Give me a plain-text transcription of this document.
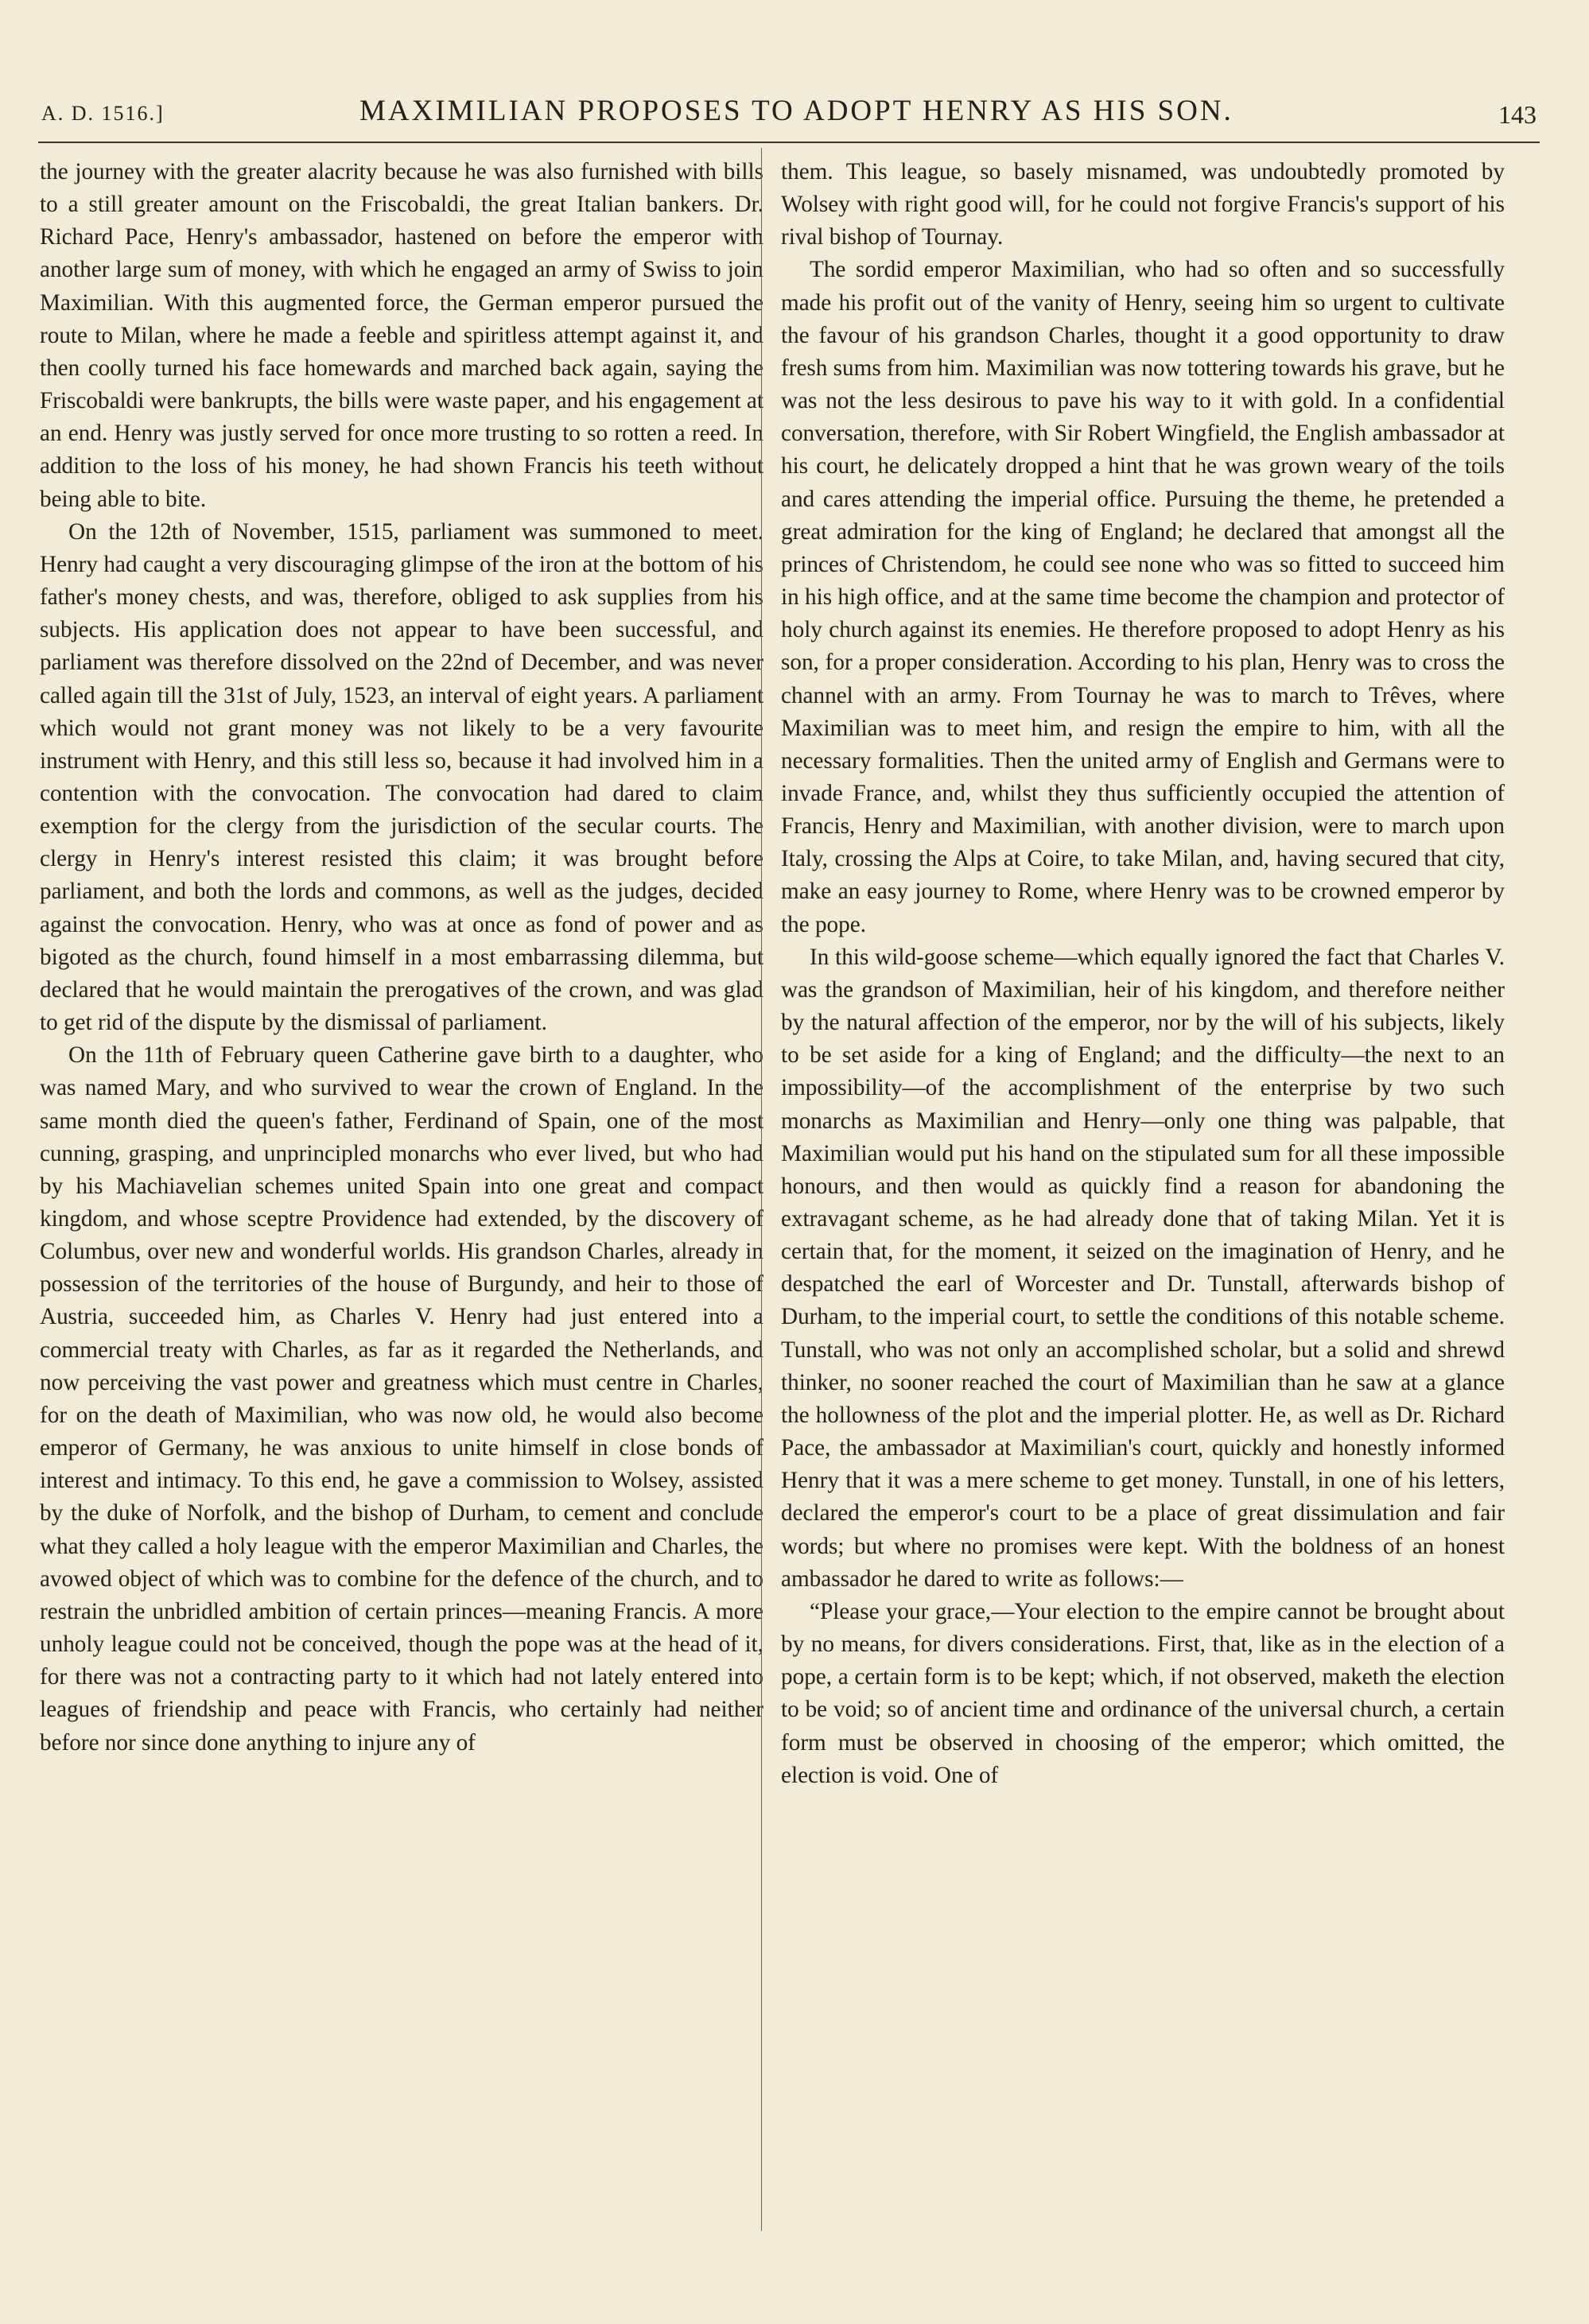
A. D. 1516.]	MAXIMILIAN PROPOSES TO ADOPT HENRY AS HIS SON.	143

the journey with the greater alacrity because he was also furnished with bills to a still greater amount on the Friscobaldi, the great Italian bankers. Dr. Richard Pace, Henry's ambassador, hastened on before the emperor with another large sum of money, with which he engaged an army of Swiss to join Maximilian. With this augmented force, the German emperor pursued the route to Milan, where he made a feeble and spiritless attempt against it, and then coolly turned his face homewards and marched back again, saying the Friscobaldi were bankrupts, the bills were waste paper, and his engagement at an end. Henry was justly served for once more trusting to so rotten a reed. In addition to the loss of his money, he had shown Francis his teeth without being able to bite.

On the 12th of November, 1515, parliament was summoned to meet. Henry had caught a very discouraging glimpse of the iron at the bottom of his father's money chests, and was, therefore, obliged to ask supplies from his subjects. His application does not appear to have been successful, and parliament was therefore dissolved on the 22nd of December, and was never called again till the 31st of July, 1523, an interval of eight years. A parliament which would not grant money was not likely to be a very favourite instrument with Henry, and this still less so, because it had involved him in a contention with the convocation. The convocation had dared to claim exemption for the clergy from the jurisdiction of the secular courts. The clergy in Henry's interest resisted this claim; it was brought before parliament, and both the lords and commons, as well as the judges, decided against the convocation. Henry, who was at once as fond of power and as bigoted as the church, found himself in a most embarrassing dilemma, but declared that he would maintain the prerogatives of the crown, and was glad to get rid of the dispute by the dismissal of parliament.

On the 11th of February queen Catherine gave birth to a daughter, who was named Mary, and who survived to wear the crown of England. In the same month died the queen's father, Ferdinand of Spain, one of the most cunning, grasping, and unprincipled monarchs who ever lived, but who had by his Machiavelian schemes united Spain into one great and compact kingdom, and whose sceptre Providence had extended, by the discovery of Columbus, over new and wonderful worlds. His grandson Charles, already in possession of the territories of the house of Burgundy, and heir to those of Austria, succeeded him, as Charles V. Henry had just entered into a commercial treaty with Charles, as far as it regarded the Netherlands, and now perceiving the vast power and greatness which must centre in Charles, for on the death of Maximilian, who was now old, he would also become emperor of Germany, he was anxious to unite himself in close bonds of interest and intimacy. To this end, he gave a commission to Wolsey, assisted by the duke of Norfolk, and the bishop of Durham, to cement and conclude what they called a holy league with the emperor Maximilian and Charles, the avowed object of which was to combine for the defence of the church, and to restrain the unbridled ambition of certain princes—meaning Francis. A more unholy league could not be conceived, though the pope was at the head of it, for there was not a contracting party to it which had not lately entered into leagues of friendship and peace with Francis, who certainly had neither before nor since done anything to injure any of

them. This league, so basely misnamed, was undoubtedly promoted by Wolsey with right good will, for he could not forgive Francis's support of his rival bishop of Tournay.

The sordid emperor Maximilian, who had so often and so successfully made his profit out of the vanity of Henry, seeing him so urgent to cultivate the favour of his grandson Charles, thought it a good opportunity to draw fresh sums from him. Maximilian was now tottering towards his grave, but he was not the less desirous to pave his way to it with gold. In a confidential conversation, therefore, with Sir Robert Wingfield, the English ambassador at his court, he delicately dropped a hint that he was grown weary of the toils and cares attending the imperial office. Pursuing the theme, he pretended a great admiration for the king of England; he declared that amongst all the princes of Christendom, he could see none who was so fitted to succeed him in his high office, and at the same time become the champion and protector of holy church against its enemies. He therefore proposed to adopt Henry as his son, for a proper consideration. According to his plan, Henry was to cross the channel with an army. From Tournay he was to march to Trêves, where Maximilian was to meet him, and resign the empire to him, with all the necessary formalities. Then the united army of English and Germans were to invade France, and, whilst they thus sufficiently occupied the attention of Francis, Henry and Maximilian, with another division, were to march upon Italy, crossing the Alps at Coire, to take Milan, and, having secured that city, make an easy journey to Rome, where Henry was to be crowned emperor by the pope.

In this wild-goose scheme—which equally ignored the fact that Charles V. was the grandson of Maximilian, heir of his kingdom, and therefore neither by the natural affection of the emperor, nor by the will of his subjects, likely to be set aside for a king of England; and the difficulty—the next to an impossibility—of the accomplishment of the enterprise by two such monarchs as Maximilian and Henry—only one thing was palpable, that Maximilian would put his hand on the stipulated sum for all these impossible honours, and then would as quickly find a reason for abandoning the extravagant scheme, as he had already done that of taking Milan. Yet it is certain that, for the moment, it seized on the imagination of Henry, and he despatched the earl of Worcester and Dr. Tunstall, afterwards bishop of Durham, to the imperial court, to settle the conditions of this notable scheme. Tunstall, who was not only an accomplished scholar, but a solid and shrewd thinker, no sooner reached the court of Maximilian than he saw at a glance the hollowness of the plot and the imperial plotter. He, as well as Dr. Richard Pace, the ambassador at Maximilian's court, quickly and honestly informed Henry that it was a mere scheme to get money. Tunstall, in one of his letters, declared the emperor's court to be a place of great dissimulation and fair words; but where no promises were kept. With the boldness of an honest ambassador he dared to write as follows:—

“Please your grace,—Your election to the empire cannot be brought about by no means, for divers considerations. First, that, like as in the election of a pope, a certain form is to be kept; which, if not observed, maketh the election to be void; so of ancient time and ordinance of the universal church, a certain form must be observed in choosing of the emperor; which omitted, the election is void. One of
